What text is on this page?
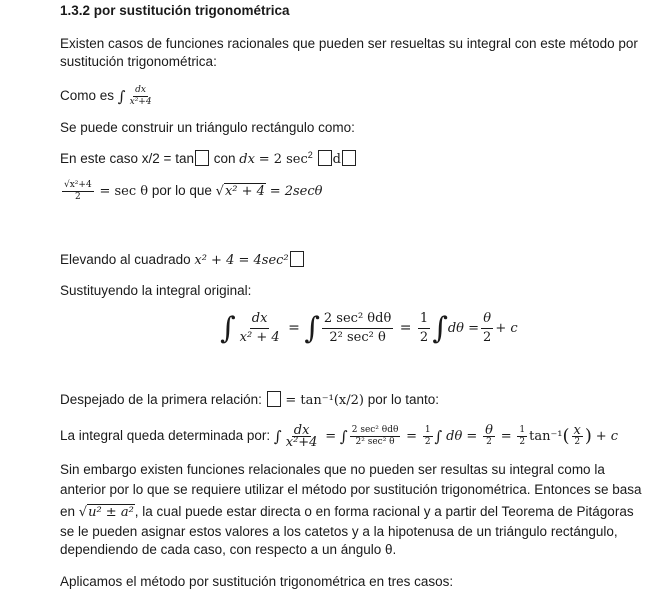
1.3.2 por sustitución trigonométrica
Existen casos de funciones racionales que pueden ser resueltas su integral con este método por
sustitución trigonométrica:
Como es ∫ $\frac{dx}{\text{x²+4}}$
Se puede construir un triángulo rectángulo como:
En este caso x/2 = tan con dx = 2 $\sec^2 d$
$\frac{\text{√x²+4}}{2} = \sec \theta$ por lo que √x² + 4 = 2secθ
Elevando al cuadrado x² + 4 = 4sec²
Sustituyendo la integral original:
∫ $\frac{dx}{\text{x² + 4}}$ = ∫ $\frac{\text{2 sec² θdθ}}{\text{2² sec² θ}} = \frac{1}{2}$ ∫ $d\theta = \frac{\theta}{2} + c$
Despejado de la primera relación: = tan⁻¹(x/2) por lo tanto:
La integral queda determinada por: ∫ $\frac{dx}{\text{x²+4}}$ = ∫ $\frac{\text{2 sec² θdθ}}{\text{2² sec² θ}} = \frac{1}{2}$ ∫ $d\theta = \frac{\theta}{2} = \frac{1}{2} \tan^{-1}( \frac{x}{2}$ ) + c
Sin embargo existen funciones relacionales que no pueden ser resultas su integral como la
anterior por lo que se requiere utilizar el método por sustitución trigonométrica. Entonces se basa
en √u² ± a², la cual puede estar directa o en forma racional y a partir del Teorema de Pitágoras
se le pueden asignar estos valores a los catetos y a la hipotenusa de un triángulo rectángulo,
dependiendo de cada caso, con respecto a un ángulo θ.
Aplicamos el método por sustitución trigonométrica en tres casos:
